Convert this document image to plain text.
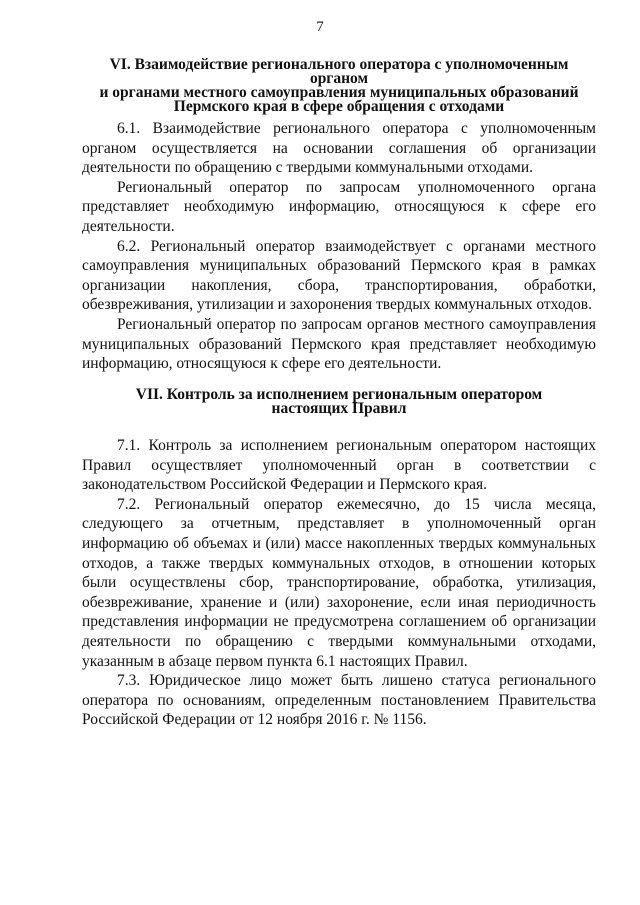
7
VI. Взаимодействие регионального оператора с уполномоченным органом
и органами местного самоуправления муниципальных образований
Пермского края в сфере обращения с отходами

6.1. Взаимодействие регионального оператора с уполномоченным органом осуществляется на основании соглашения об организации деятельности по обращению с твердыми коммунальными отходами.

Региональный оператор по запросам уполномоченного органа представляет необходимую информацию, относящуюся к сфере его деятельности.

6.2. Региональный оператор взаимодействует с органами местного самоуправления муниципальных образований Пермского края в рамках организации накопления, сбора, транспортирования, обработки, обезвреживания, утилизации и захоронения твердых коммунальных отходов.

Региональный оператор по запросам органов местного самоуправления муниципальных образований Пермского края представляет необходимую информацию, относящуюся к сфере его деятельности.

VII. Контроль за исполнением региональным оператором
настоящих Правил

7.1. Контроль за исполнением региональным оператором настоящих Правил осуществляет уполномоченный орган в соответствии с законодательством Российской Федерации и Пермского края.

7.2. Региональный оператор ежемесячно, до 15 числа месяца, следующего за отчетным, представляет в уполномоченный орган информацию об объемах и (или) массе накопленных твердых коммунальных отходов, а также твердых коммунальных отходов, в отношении которых были осуществлены сбор, транспортирование, обработка, утилизация, обезвреживание, хранение и (или) захоронение, если иная периодичность представления информации не предусмотрена соглашением об организации деятельности по обращению с твердыми коммунальными отходами, указанным в абзаце первом пункта 6.1 настоящих Правил.

7.3. Юридическое лицо может быть лишено статуса регионального оператора по основаниям, определенным постановлением Правительства Российской Федерации от 12 ноября 2016 г. № 1156.
